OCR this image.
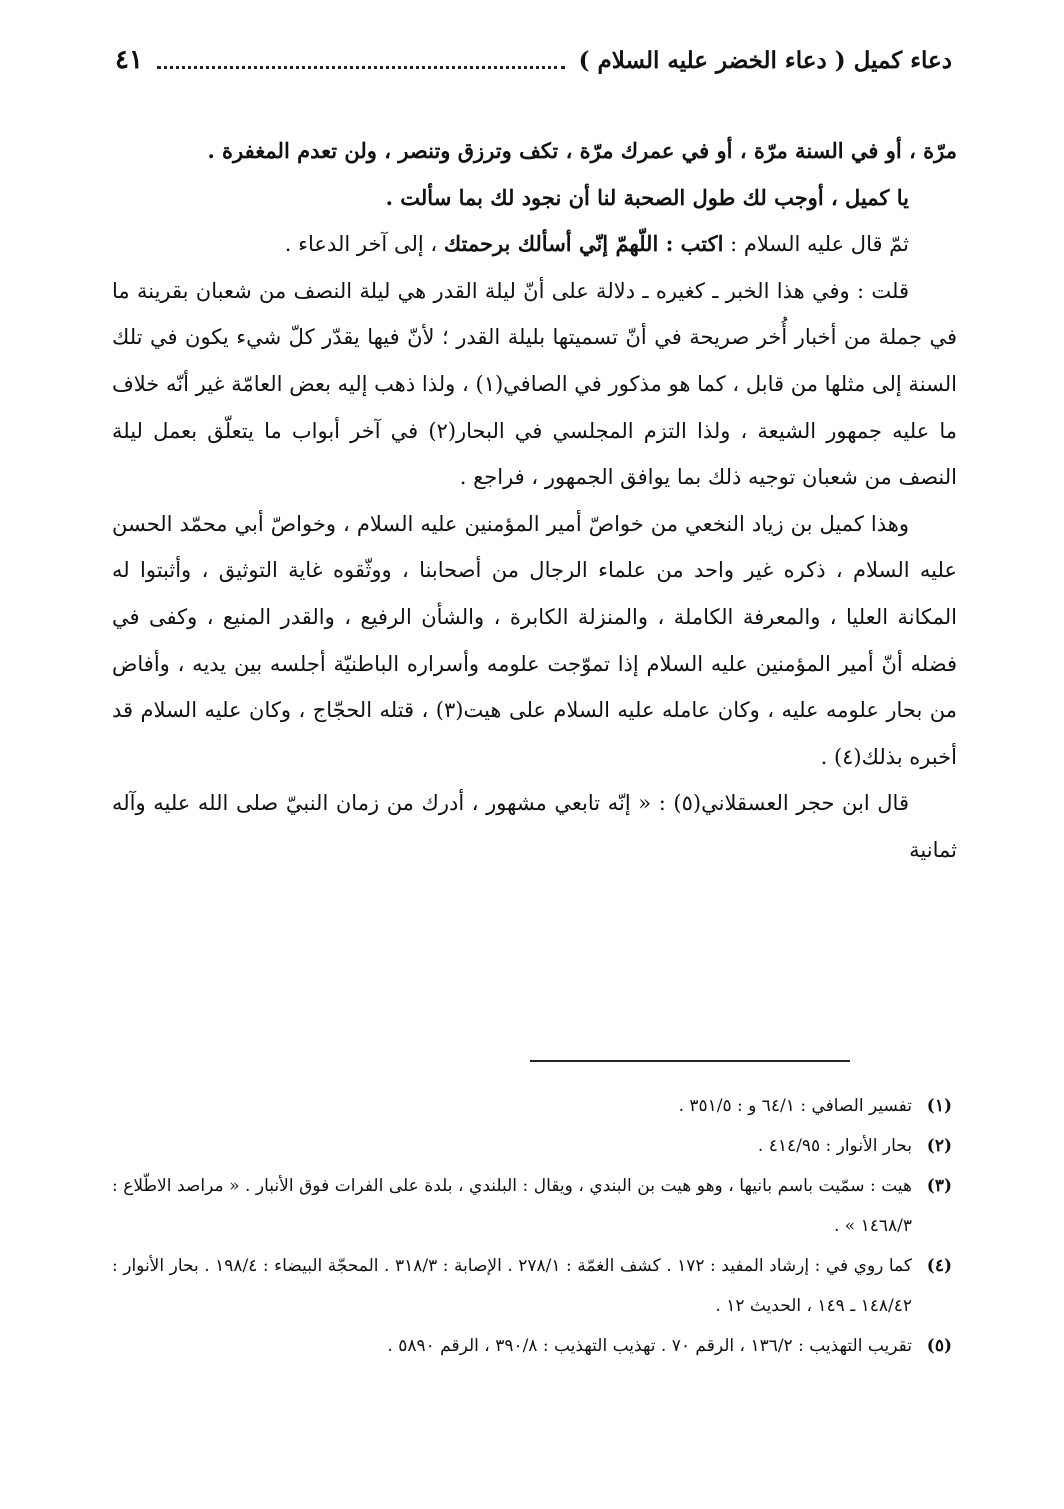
دعاء كميل ( دعاء الخضر عليه السلام )
٤١

مرّة ، أو في السنة مرّة ، أو في عمرك مرّة ، تكف وترزق وتنصر ، ولن تعدم المغفرة .

يا كميل ، أوجب لك طول الصحبة لنا أن نجود لك بما سألت .

ثمّ قال عليه السلام : اكتب : اللّهمّ إنّي أسألك برحمتك ، إلى آخر الدعاء .

قلت : وفي هذا الخبر ـ كغيره ـ دلالة على أنّ ليلة القدر هي ليلة النصف من شعبان بقرينة ما في جملة من أخبار أُخر صريحة في أنّ تسميتها بليلة القدر ؛ لأنّ فيها يقدّر كلّ شيء يكون في تلك السنة إلى مثلها من قابل ، كما هو مذكور في الصافي(١) ، ولذا ذهب إليه بعض العامّة غير أنّه خلاف ما عليه جمهور الشيعة ، ولذا التزم المجلسي في البحار(٢) في آخر أبواب ما يتعلّق بعمل ليلة النصف من شعبان توجيه ذلك بما يوافق الجمهور ، فراجع .

وهذا كميل بن زياد النخعي من خواصّ أمير المؤمنين عليه السلام ، وخواصّ أبي محمّد الحسن عليه السلام ، ذكره غير واحد من علماء الرجال من أصحابنا ، ووثّقوه غاية التوثيق ، وأثبتوا له المكانة العليا ، والمعرفة الكاملة ، والمنزلة الكابرة ، والشأن الرفيع ، والقدر المنيع ، وكفى في فضله أنّ أمير المؤمنين عليه السلام إذا تموّجت علومه وأسراره الباطنيّة أجلسه بين يديه ، وأفاض من بحار علومه عليه ، وكان عامله عليه السلام على هيت(٣) ، قتله الحجّاج ، وكان عليه السلام قد أخبره بذلك(٤) .

قال ابن حجر العسقلاني(٥) : « إنّه تابعي مشهور ، أدرك من زمان النبيّ صلى الله عليه وآله ثمانية

(١)
تفسير الصافي : ٦٤/١ و : ٣٥١/٥ .
(٢)
بحار الأنوار : ٤١٤/٩٥ .
(٣)
هيت : سمّيت باسم بانيها ، وهو هيت بن البندي ، ويقال : البلندي ، بلدة على الفرات فوق الأنبار . « مراصد الاطّلاع : ١٤٦٨/٣ » .
(٤)
كما روي في : إرشاد المفيد : ١٧٢ . كشف الغمّة : ٢٧٨/١ . الإصابة : ٣١٨/٣ . المحجّة البيضاء : ١٩٨/٤ . بحار الأنوار : ١٤٨/٤٢ ـ ١٤٩ ، الحديث ١٢ .
(٥)
تقريب التهذيب : ١٣٦/٢ ، الرقم ٧٠ . تهذيب التهذيب : ٣٩٠/٨ ، الرقم ٥٨٩٠ .
